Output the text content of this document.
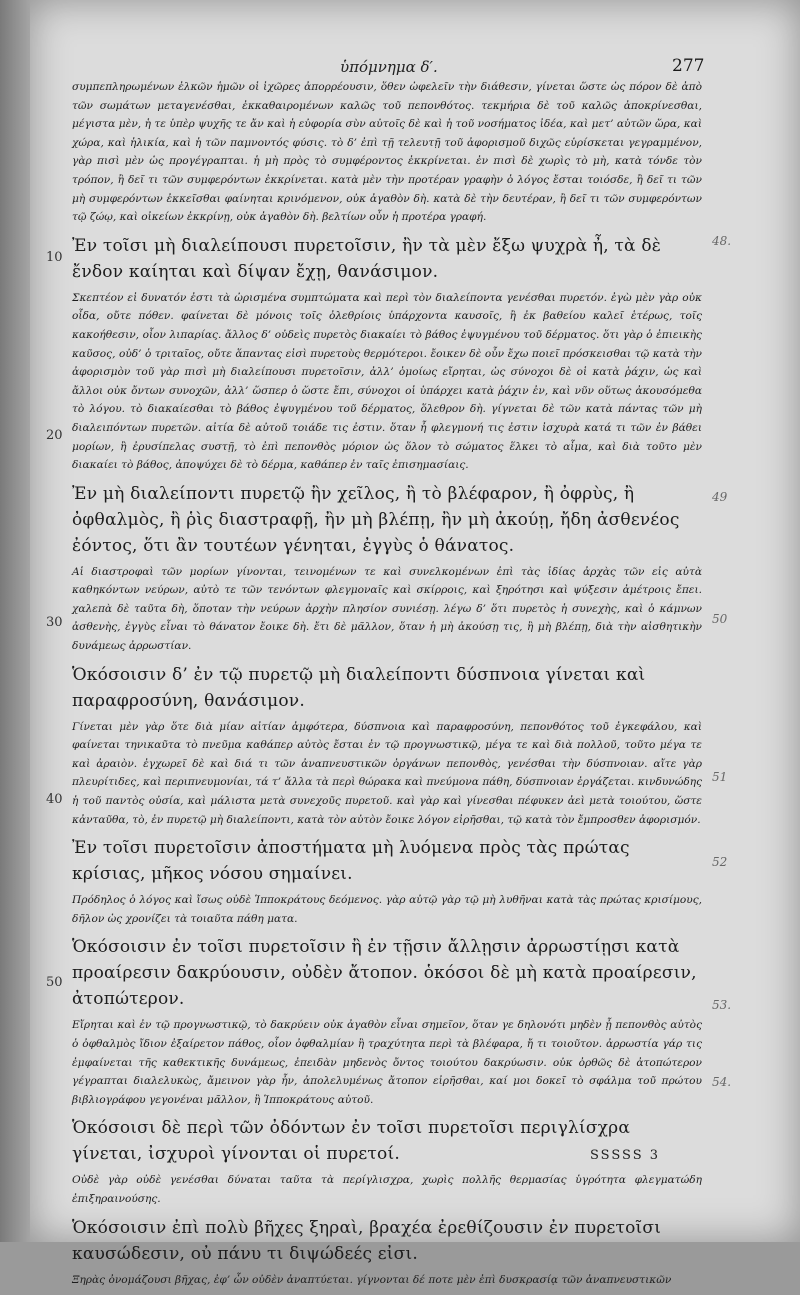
ὑπόμνημα δ′.	277

συμπεπληρωμένων ἐλκῶν ἡμῶν οἱ ἰχῶρες ἀπορρέουσιν, ὅθεν ὠφελεῖν τὴν διάθεσιν, γίνεται ὥστε ὡς πόρον δὲ ἀπὸ τῶν σωμάτων μεταγενέσθαι, ἐκκαθαιρομένων καλῶς τοῦ πεπονθότος. τεκμήρια δὲ τοῦ καλῶς ἀποκρίνεσθαι, μέγιστα μὲν, ἡ τε ὑπὲρ ψυχῆς τε ἄν καὶ ἡ εὐφορία σὺν αὐτοῖς δὲ καὶ ἡ τοῦ νοσήματος ἰδέα, καὶ μετ’ αὐτῶν ὥρα, καὶ χώρα, καὶ ἡλικία, καὶ ἡ τῶν παμνοντός φύσις. τὸ δ’ ἐπὶ τῇ τελευτῇ τοῦ ἀφορισμοῦ διχῶς εὑρίσκεται γεγραμμένον, γὰρ πισὶ μὲν ὡς προγέγραπται. ἡ μὴ πρὸς τὸ συμφέροντος ἐκκρίνεται. ἐν πισὶ δὲ χωρὶς τὸ μὴ, κατὰ τόνδε τὸν τρόπον, ἢ δεῖ τι τῶν συμφερόντων ἐκκρίνεται. κατὰ μὲν τὴν προτέραν γραφὴν ὁ λόγος ἔσται τοιόσδε, ἢ δεῖ τι τῶν μὴ συμφερόντων ἐκκεῖσθαι φαίνηται κρινόμενον, οὐκ ἀγαθὸν δὴ. κατὰ δὲ τὴν δευτέραν, ἢ δεῖ τι τῶν συμφερόντων τῷ ζώῳ, καὶ οἰκείων ἐκκρίνῃ, οὐκ ἀγαθὸν δὴ. βελτίων οὖν ἡ προτέρα γραφή.

Ἐν τοῖσι μὴ διαλείπουσι πυρετοῖσιν, ἢν τὰ μὲν ἔξω ψυχρὰ ἦ, τὰ δὲ ἔνδον καίηται καὶ δίψαν ἔχῃ, θανάσιμον.

Σκεπτέον εἰ δυνατόν ἐστι τὰ ὠρισμένα συμπτώματα καὶ περὶ τὸν διαλείποντα γενέσθαι πυρετόν. ἐγὼ μὲν γὰρ οὐκ οἶδα, οὔτε πόθεν. φαίνεται δὲ μόνοις τοῖς ὀλεθρίοις ὑπάρχοντα καυσοῖς, ἢ ἐκ βαθείου καλεῖ ἑτέρως, τοῖς κακοήθεσιν, οἷον λιπαρίας. ἄλλος δ’ οὐδεὶς πυρετὸς διακαίει τὸ βάθος ἐψυγμένου τοῦ δέρματος. ὅτι γὰρ ὁ ἐπιεικὴς καῦσος, οὐδ’ ὁ τριταῖος, οὔτε ἅπαντας εἰσὶ πυρετοὺς θερμότεροι. ἔοικεν δὲ οὖν ἔχω ποιεῖ πρόσκεισθαι τῷ κατὰ τὴν ἀφορισμὸν τοῦ γὰρ πισὶ μὴ διαλείπουσι πυρετοῖσιν, ἀλλ’ ὁμοίως εἴρηται, ὡς σύνοχοι δὲ οἱ κατὰ ῥάχιν, ὡς καὶ ἄλλοι οὐκ ὄντων συνοχῶν, ἀλλ’ ὥσπερ ὁ ὥστε ἔπι, σύνοχοι οἱ ὑπάρχει κατὰ ῥάχιν ἐν, καὶ νῦν οὕτως ἀκουσόμεθα τὸ λόγου. τὸ διακαίεσθαι τὸ βάθος ἐψυγμένου τοῦ δέρματος, ὅλεθρον δὴ. γίγνεται δὲ τῶν κατὰ πάντας τῶν μὴ διαλειπόντων πυρετῶν. αἰτία δὲ αὐτοῦ τοιάδε τις ἐστιν. ὅταν ἦ φλεγμονή τις ἐστιν ἰσχυρὰ κατά τι τῶν ἐν βάθει μορίων, ἢ ἐρυσίπελας συστῇ, τὸ ἐπὶ πεπονθὸς μόριον ὡς ὅλον τὸ σώματος ἕλκει τὸ αἷμα, καὶ διὰ τοῦτο μὲν διακαίει τὸ βάθος, ἀποψύχει δὲ τὸ δέρμα, καθάπερ ἐν ταῖς ἐπισημασίαις.

Ἐν μὴ διαλείποντι πυρετῷ ἢν χεῖλος, ἢ τὸ βλέφαρον, ἢ ὀφρὺς, ἢ ὀφθαλμὸς, ἢ ῥὶς διαστραφῇ, ἢν μὴ βλέπῃ, ἢν μὴ ἀκούῃ, ἤδη ἀσθενέος ἐόντος, ὅτι ἂν τουτέων γένηται, ἐγγὺς ὁ θάνατος.

Αἱ διαστροφαὶ τῶν μορίων γίνονται, τεινομένων τε καὶ συνελκομένων ἐπὶ τὰς ἰδίας ἀρχὰς τῶν εἰς αὐτὰ καθηκόντων νεύρων, αὐτὸ τε τῶν τενόντων φλεγμοναῖς καὶ σκίρροις, καὶ ξηρότησι καὶ ψύξεσιν ἀμέτροις ἔπει. χαλεπὰ δὲ ταῦτα δὴ, ὅποταν τὴν νεύρων ἀρχὴν πλησίον συνιέσῃ. λέγω δ’ ὅτι πυρετὸς ἡ συνεχὴς, καὶ ὁ κάμνων ἀσθενὴς, ἐγγὺς εἶναι τὸ θάνατον ἔοικε δὴ. ἔτι δὲ μᾶλλον, ὅταν ἡ μὴ ἀκούσῃ τις, ἢ μὴ βλέπῃ, διὰ τὴν αἰσθητικὴν δυνάμεως ἀρρωστίαν.

Ὁκόσοισιν δ’ ἐν τῷ πυρετῷ μὴ διαλείποντι δύσπνοια γίνεται καὶ παραφροσύνη, θανάσιμον.

Γίνεται μὲν γὰρ ὅτε διὰ μίαν αἰτίαν ἀμφότερα, δύσπνοια καὶ παραφροσύνη, πεπονθότος τοῦ ἐγκεφάλου, καὶ φαίνεται τηνικαῦτα τὸ πνεῦμα καθάπερ αὐτὸς ἔσται ἐν τῷ προγνωστικῷ, μέγα τε καὶ διὰ πολλοῦ, τοῦτο μέγα τε καὶ ἀραιὸν. ἐγχωρεῖ δὲ καὶ διά τι τῶν ἀναπνευστικῶν ὀργάνων πεπονθὸς, γενέσθαι τὴν δύσπνοιαν. αἴτε γὰρ πλευρίτιδες, καὶ περιπνευμονίαι, τά τ’ ἄλλα τὰ περὶ θώρακα καὶ πνεύμονα πάθη, δύσπνοιαν ἐργάζεται. κινδυνώδης ἡ τοῦ παντὸς οὐσία, καὶ μάλιστα μετὰ συνεχοῦς πυρετοῦ. καὶ γὰρ καὶ γίνεσθαι πέφυκεν ἀεὶ μετὰ τοιούτου, ὥστε κἀνταῦθα, τὸ, ἐν πυρετῷ μὴ διαλείποντι, κατὰ τὸν αὐτὸν ἔοικε λόγον εἰρῆσθαι, τῷ κατὰ τὸν ἔμπροσθεν ἀφορισμόν.

Ἐν τοῖσι πυρετοῖσιν ἀποστήματα μὴ λυόμενα πρὸς τὰς πρώτας κρίσιας, μῆκος νόσου σημαίνει.

Πρόδηλος ὁ λόγος καὶ ἴσως οὐδὲ Ἱπποκράτους δεόμενος. γὰρ αὐτῷ γὰρ τῷ μὴ λυθῆναι κατὰ τὰς πρώτας κρισίμους, δῆλον ὡς χρονίζει τὰ τοιαῦτα πάθη ματα.

Ὁκόσοισιν ἐν τοῖσι πυρετοῖσιν ἢ ἐν τῇσιν ἄλλῃσιν ἀρρωστίῃσι κατὰ προαίρεσιν δακρύουσιν, οὐδὲν ἄτοπον. ὁκόσοι δὲ μὴ κατὰ προαίρεσιν, ἀτοπώτερον.

Εἴρηται καὶ ἐν τῷ προγνωστικῷ, τὸ δακρύειν οὐκ ἀγαθὸν εἶναι σημεῖον, ὅταν γε δηλονότι μηδὲν ᾖ πεπονθὸς αὐτὸς ὁ ὀφθαλμὸς ἴδιον ἐξαίρετον πάθος, οἷον ὀφθαλμίαν ἢ τραχύτητα περὶ τὰ βλέφαρα, ἤ τι τοιοῦτον. ἀρρωστία γάρ τις ἐμφαίνεται τῆς καθεκτικῆς δυνάμεως, ἐπειδὰν μηδενὸς ὄντος τοιούτου δακρύωσιν. οὐκ ὀρθῶς δὲ ἀτοπώτερον γέγραπται διαλελυκὼς, ἄμεινον γὰρ ἦν, ἀπολελυμένως ἄτοπον εἰρῆσθαι, καί μοι δοκεῖ τὸ σφάλμα τοῦ πρώτου βιβλιογράφου γεγονέναι μᾶλλον, ἢ Ἱπποκράτους αὐτοῦ.

Ὁκόσοισι δὲ περὶ τῶν ὀδόντων ἐν τοῖσι πυρετοῖσι περιγλίσχρα γίνεται, ἰσχυροὶ γίνονται οἱ πυρετοί.

Οὐδὲ γὰρ οὐδὲ γενέσθαι δύναται ταῦτα τὰ περίγλισχρα, χωρὶς πολλῆς θερμασίας ὑγρότητα φλεγματώδη ἐπιξηραινούσης.

Ὁκόσοισιν ἐπὶ πολὺ βῆχες ξηραὶ, βραχέα ἐρεθίζουσιν ἐν πυρετοῖσι καυσώδεσιν, οὐ πάνυ τι διψώδεές εἰσι.

Ξηρὰς ὀνομάζουσι βῆχας, ἐφ’ ὧν οὐδὲν ἀναπτύεται. γίγνονται δέ ποτε μὲν ἐπὶ δυσκρασίᾳ τῶν ἀναπνευστικῶν

10
20
30
40
50
48.
49
50
51
52
53.
54.
SSSSS 3
